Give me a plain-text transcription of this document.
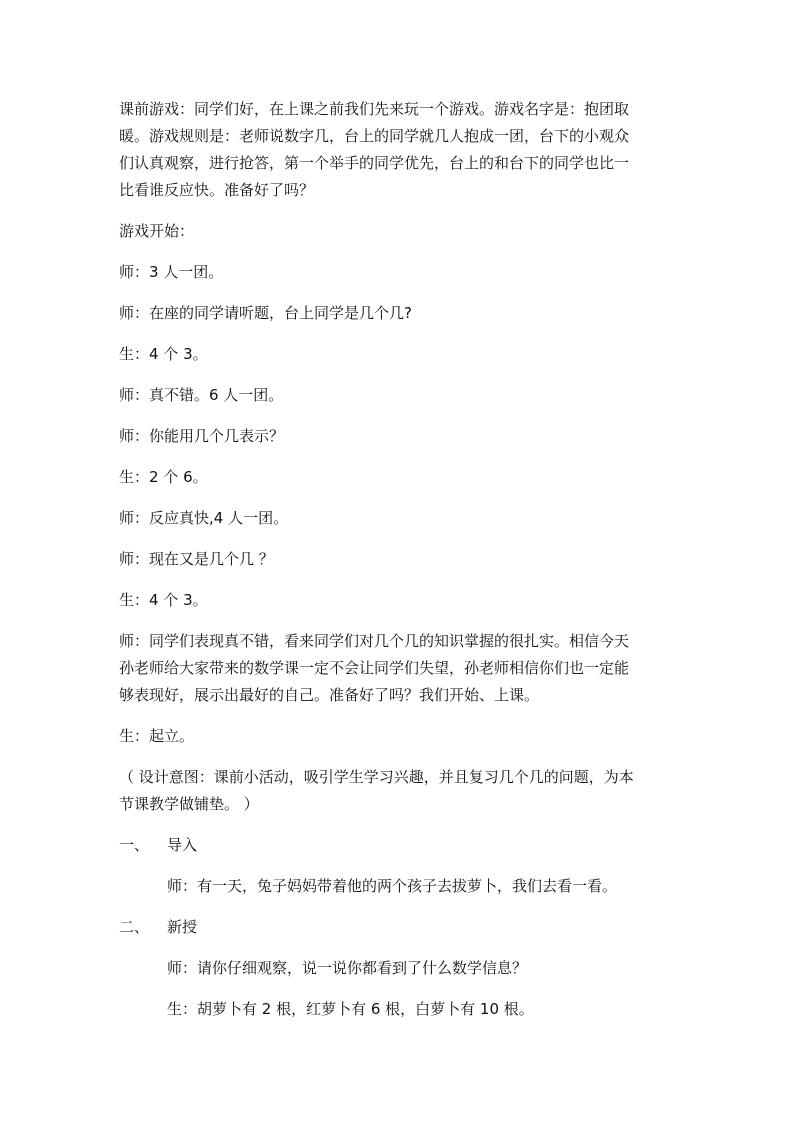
课前游戏：同学们好，在上课之前我们先来玩一个游戏。游戏名字是：抱团取
暖。游戏规则是：老师说数字几，台上的同学就几人抱成一团，台下的小观众
们认真观察，进行抢答，第一个举手的同学优先，台上的和台下的同学也比一
比看谁反应快。准备好了吗？

游戏开始：

师：3 人一团。

师：在座的同学请听题，台上同学是几个几?

生：4 个 3。

师：真不错。6 人一团。

师：你能用几个几表示？

生：2 个 6。

师：反应真快,4 人一团。

师：现在又是几个几 ？

生：4 个 3。

师：同学们表现真不错，看来同学们对几个几的知识掌握的很扎实。相信今天
孙老师给大家带来的数学课一定不会让同学们失望，孙老师相信你们也一定能
够表现好，展示出最好的自己。准备好了吗？我们开始、上课。

生：起立。

（ 设计意图：课前小活动，吸引学生学习兴趣，并且复习几个几的问题，为本
节课教学做铺垫。 ）

一、	导入

师：有一天，兔子妈妈带着他的两个孩子去拔萝卜，我们去看一看。

二、	新授

师：请你仔细观察，说一说你都看到了什么数学信息？

生：胡萝卜有 2 根，红萝卜有 6 根，白萝卜有 10 根。
